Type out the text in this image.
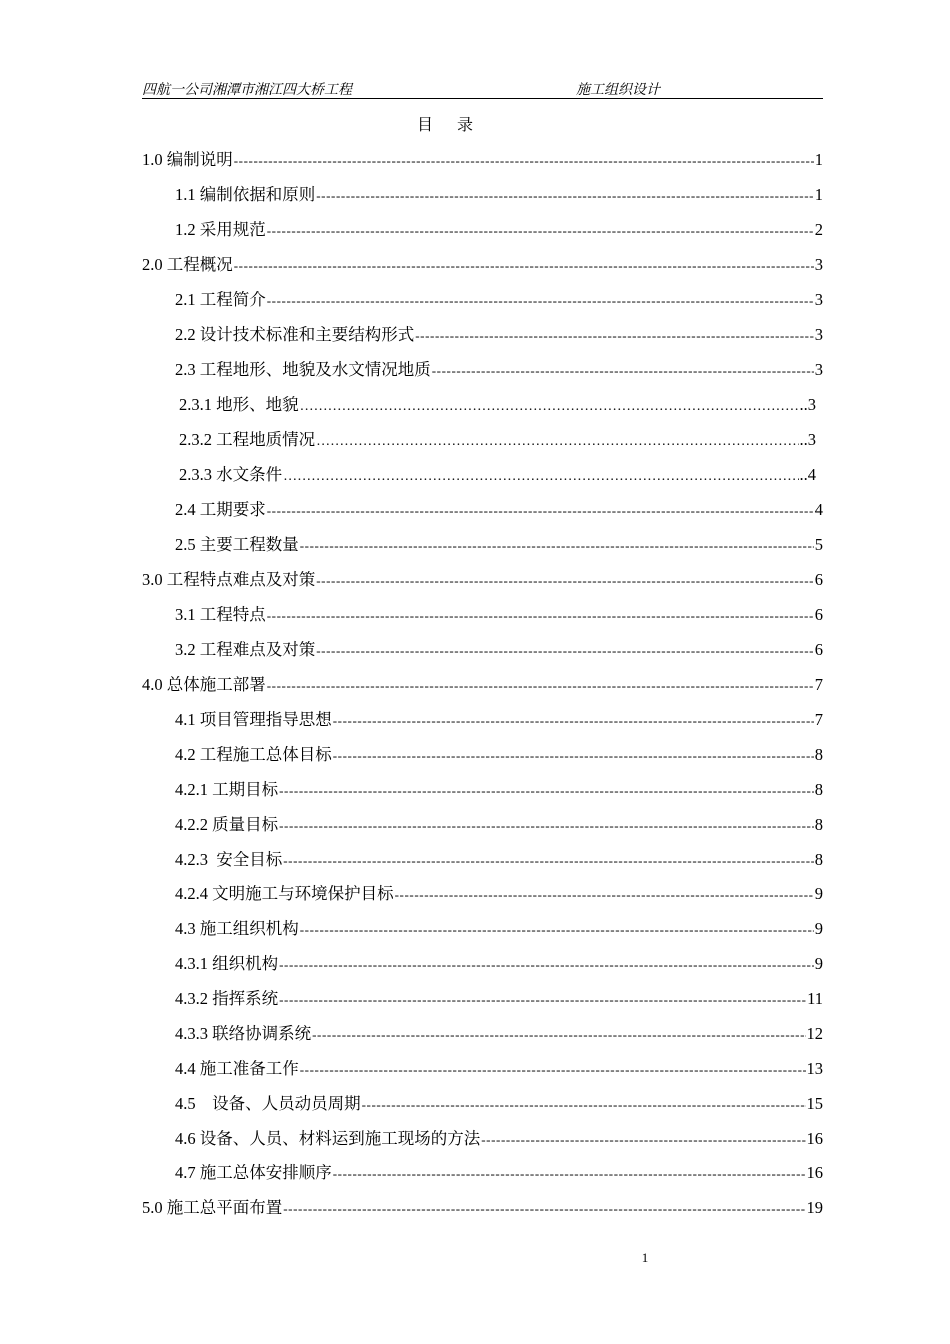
四航一公司湘潭市湘江四大桥工程	施工组织设计
目 录
1.0 编制说明 -----	1
1.1 编制依据和原则 -----	1
1.2 采用规范 -----	2
2.0 工程概况 -----	3
2.1 工程简介 -----	3
2.2 设计技术标准和主要结构形式 -----	3
2.3 工程地形、地貌及水文情况地质 -----	3
2.3.1 地形、地貌 ……………………………………………………………………………………………………………	.. 3
2.3.2 工程地质情况 ……………………………………………………………………………………………………………	.. 3
2.3.3 水文条件 ……………………………………………………………………………………………………………	.. 4
2.4 工期要求 -----	4
2.5 主要工程数量 -----	5
3.0 工程特点难点及对策 -----	6
3.1 工程特点 -----	6
3.2 工程难点及对策 -----	6
4.0 总体施工部署 -----	7
4.1 项目管理指导思想 -----	7
4.2 工程施工总体目标 -----	8
4.2.1 工期目标 -----	8
4.2.2 质量目标 -----	8
4.2.3  安全目标 -----	8
4.2.4 文明施工与环境保护目标 -----	9
4.3 施工组织机构 -----	9
4.3.1 组织机构 -----	9
4.3.2 指挥系统 -----	11
4.3.3 联络协调系统 -----	12
4.4 施工准备工作 -----	13
4.5    设备、人员动员周期 -----	15
4.6 设备、人员、材料运到施工现场的方法 -----	16
4.7 施工总体安排顺序 -----	16
5.0 施工总平面布置 -----	19
1
